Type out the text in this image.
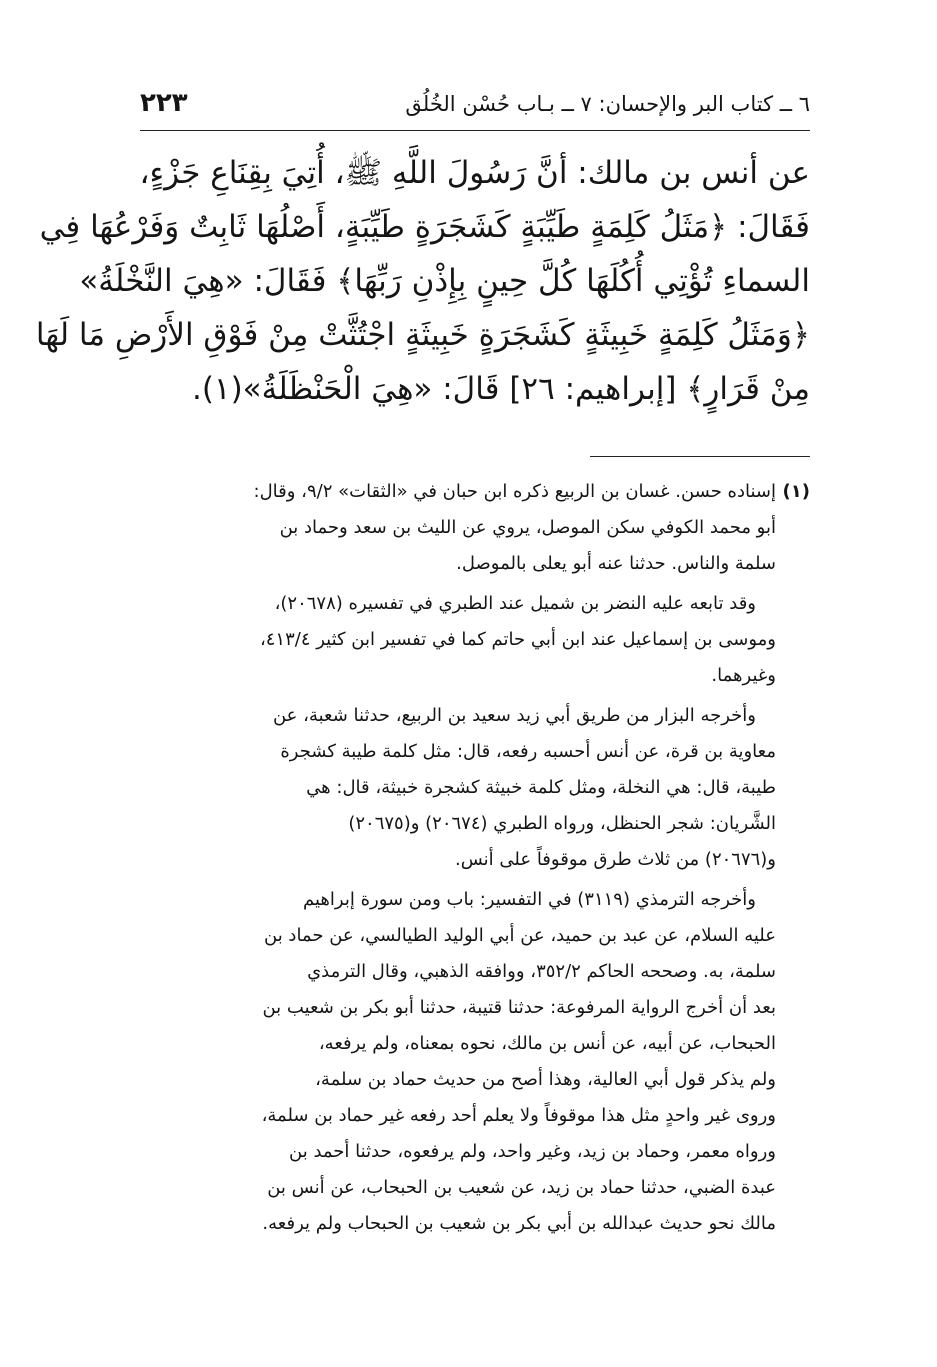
٦ ــ كتاب البر والإحسان: ٧ ــ بـاب حُسْن الخُلُق
٢٢٣
عن أنس بن مالك: أنَّ رَسُولَ اللَّهِ ﷺ، أُتِيَ بِقِنَاعِ جَزْءٍ،
فَقَالَ: ﴿مَثَلُ كَلِمَةٍ طَيِّبَةٍ كَشَجَرَةٍ طَيِّبَةٍ، أَصْلُهَا ثَابِتٌ وَفَرْعُهَا فِي
السماءِ تُؤْتِي أُكُلَهَا كُلَّ حِينٍ بِإِذْنِ رَبِّهَا﴾ فَقَالَ: «هِيَ النَّخْلَةُ»
﴿وَمَثَلُ كَلِمَةٍ خَبِيثَةٍ كَشَجَرَةٍ خَبِيثَةٍ اجْتُثَّتْ مِنْ فَوْقِ الأَرْضِ مَا لَهَا
مِنْ قَرَارٍ﴾ [إبراهيم: ٢٦] قَالَ: «هِيَ الْحَنْظَلَةُ»(١).
(١)إسناده حسن. غسان بن الربيع ذكره ابن حبان في «الثقات» ٩/٢، وقال:
أبو محمد الكوفي سكن الموصل، يروي عن الليث بن سعد وحماد بن
سلمة والناس. حدثنا عنه أبو يعلى بالموصل.
وقد تابعه عليه النضر بن شميل عند الطبري في تفسيره (٢٠٦٧٨)،
وموسى بن إسماعيل عند ابن أبي حاتم كما في تفسير ابن كثير ٤١٣/٤،
وغيرهما.
وأخرجه البزار من طريق أبي زيد سعيد بن الربيع، حدثنا شعبة، عن
معاوية بن قرة، عن أنس أحسبه رفعه، قال: مثل كلمة طيبة كشجرة
طيبة، قال: هي النخلة، ومثل كلمة خبيثة كشجرة خبيثة، قال: هي
الشَّريان: شجر الحنظل، ورواه الطبري (٢٠٦٧٤) و(٢٠٦٧٥)
و(٢٠٦٧٦) من ثلاث طرق موقوفاً على أنس.
وأخرجه الترمذي (٣١١٩) في التفسير: باب ومن سورة إبراهيم
عليه السلام، عن عبد بن حميد، عن أبي الوليد الطيالسي، عن حماد بن
سلمة، به. وصححه الحاكم ٣٥٢/٢، ووافقه الذهبي، وقال الترمذي
بعد أن أخرج الرواية المرفوعة: حدثنا قتيبة، حدثنا أبو بكر بن شعيب بن
الحبحاب، عن أبيه، عن أنس بن مالك، نحوه بمعناه، ولم يرفعه،
ولم يذكر قول أبي العالية، وهذا أصح من حديث حماد بن سلمة،
وروى غير واحدٍ مثل هذا موقوفاً ولا يعلم أحد رفعه غير حماد بن سلمة،
ورواه معمر، وحماد بن زيد، وغير واحد، ولم يرفعوه، حدثنا أحمد بن
عبدة الضبي، حدثنا حماد بن زيد، عن شعيب بن الحبحاب، عن أنس بن
مالك نحو حديث عبدالله بن أبي بكر بن شعيب بن الحبحاب ولم يرفعه.
